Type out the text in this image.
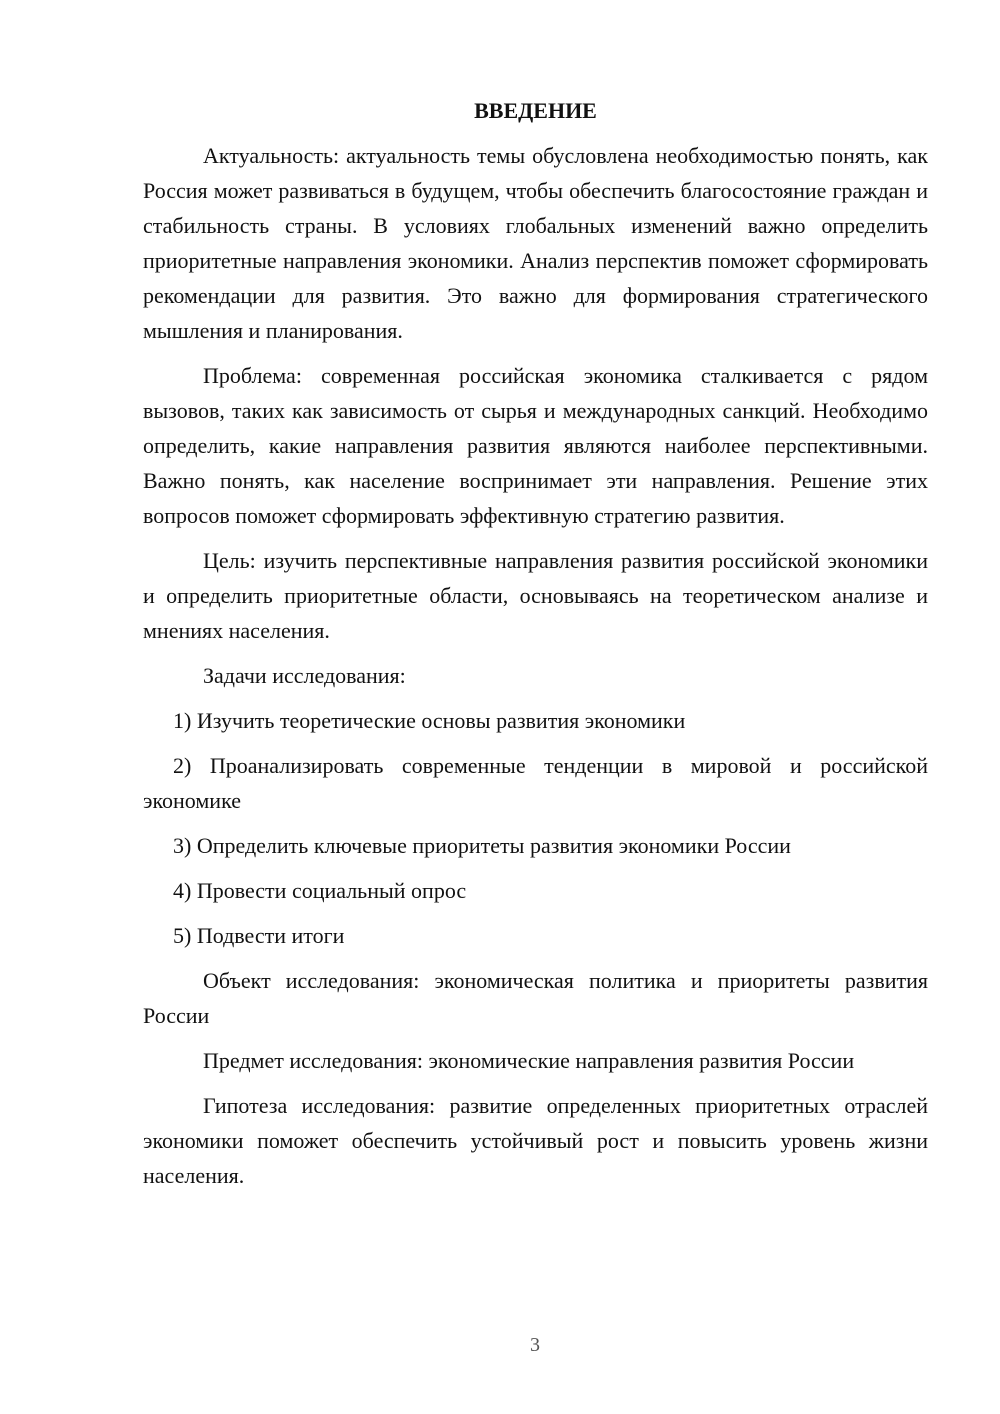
ВВЕДЕНИЕ

Актуальность: актуальность темы обусловлена необходимостью понять, как Россия может развиваться в будущем, чтобы обеспечить благосостояние граждан и стабильность страны. В условиях глобальных изменений важно определить приоритетные направления экономики. Анализ перспектив поможет сформировать рекомендации для развития. Это важно для формирования стратегического мышления и планирования.

Проблема: современная российская экономика сталкивается с рядом вызовов, таких как зависимость от сырья и международных санкций. Необходимо определить, какие направления развития являются наиболее перспективными. Важно понять, как население воспринимает эти направления. Решение этих вопросов поможет сформировать эффективную стратегию развития.

Цель: изучить перспективные направления развития российской экономики и определить приоритетные области, основываясь на теоретическом анализе и мнениях населения.

Задачи исследования:

1) Изучить теоретические основы развития экономики

2) Проанализировать современные тенденции в мировой и российской экономике

3) Определить ключевые приоритеты развития экономики России

4) Провести социальный опрос

5) Подвести итоги

Объект исследования: экономическая политика и приоритеты развития России

Предмет исследования: экономические направления развития России

Гипотеза исследования: развитие определенных приоритетных отраслей экономики поможет обеспечить устойчивый рост и повысить уровень жизни населения.

3
